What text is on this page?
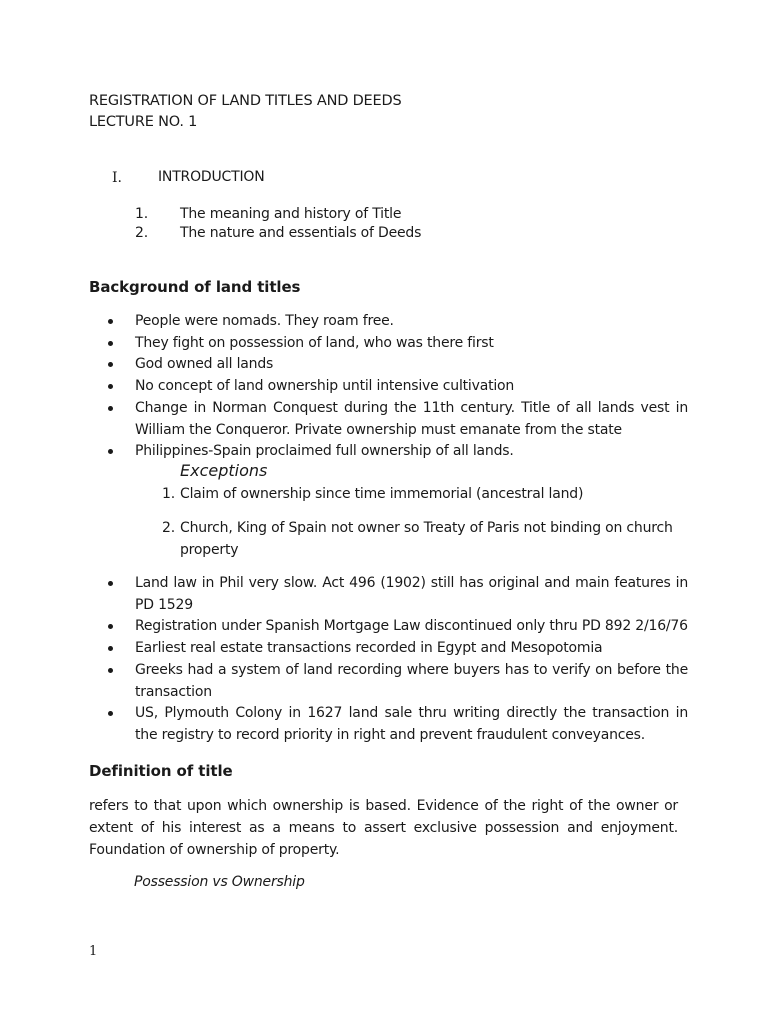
REGISTRATION OF LAND TITLES AND DEEDS
LECTURE NO. 1
I.	INTRODUCTION
1. The meaning and history of Title
2. The nature and essentials of Deeds
Background of land titles
People were nomads. They roam free.
They fight on possession of land, who was there first
God owned all lands
No concept of land ownership until intensive cultivation
Change in Norman Conquest during the 11th century. Title of all lands vest in William the Conqueror. Private ownership must emanate from the state
Philippines-Spain proclaimed full ownership of all lands.
Exceptions
1. Claim of ownership since time immemorial (ancestral land)
2. Church, King of Spain not owner so Treaty of Paris not binding on church property
Land law in Phil very slow. Act 496 (1902) still has original and main features in PD 1529
Registration under Spanish Mortgage Law discontinued only thru PD 892 2/16/76
Earliest real estate transactions recorded in Egypt and Mesopotomia
Greeks had a system of land recording where buyers has to verify on before the transaction
US, Plymouth Colony in 1627 land sale thru writing directly the transaction in the registry to record priority in right and prevent fraudulent conveyances.
Definition of title
refers to that upon which ownership is based. Evidence of the right of the owner or extent of his interest as a means to assert exclusive possession and enjoyment. Foundation of ownership of property.
Possession vs Ownership
1
